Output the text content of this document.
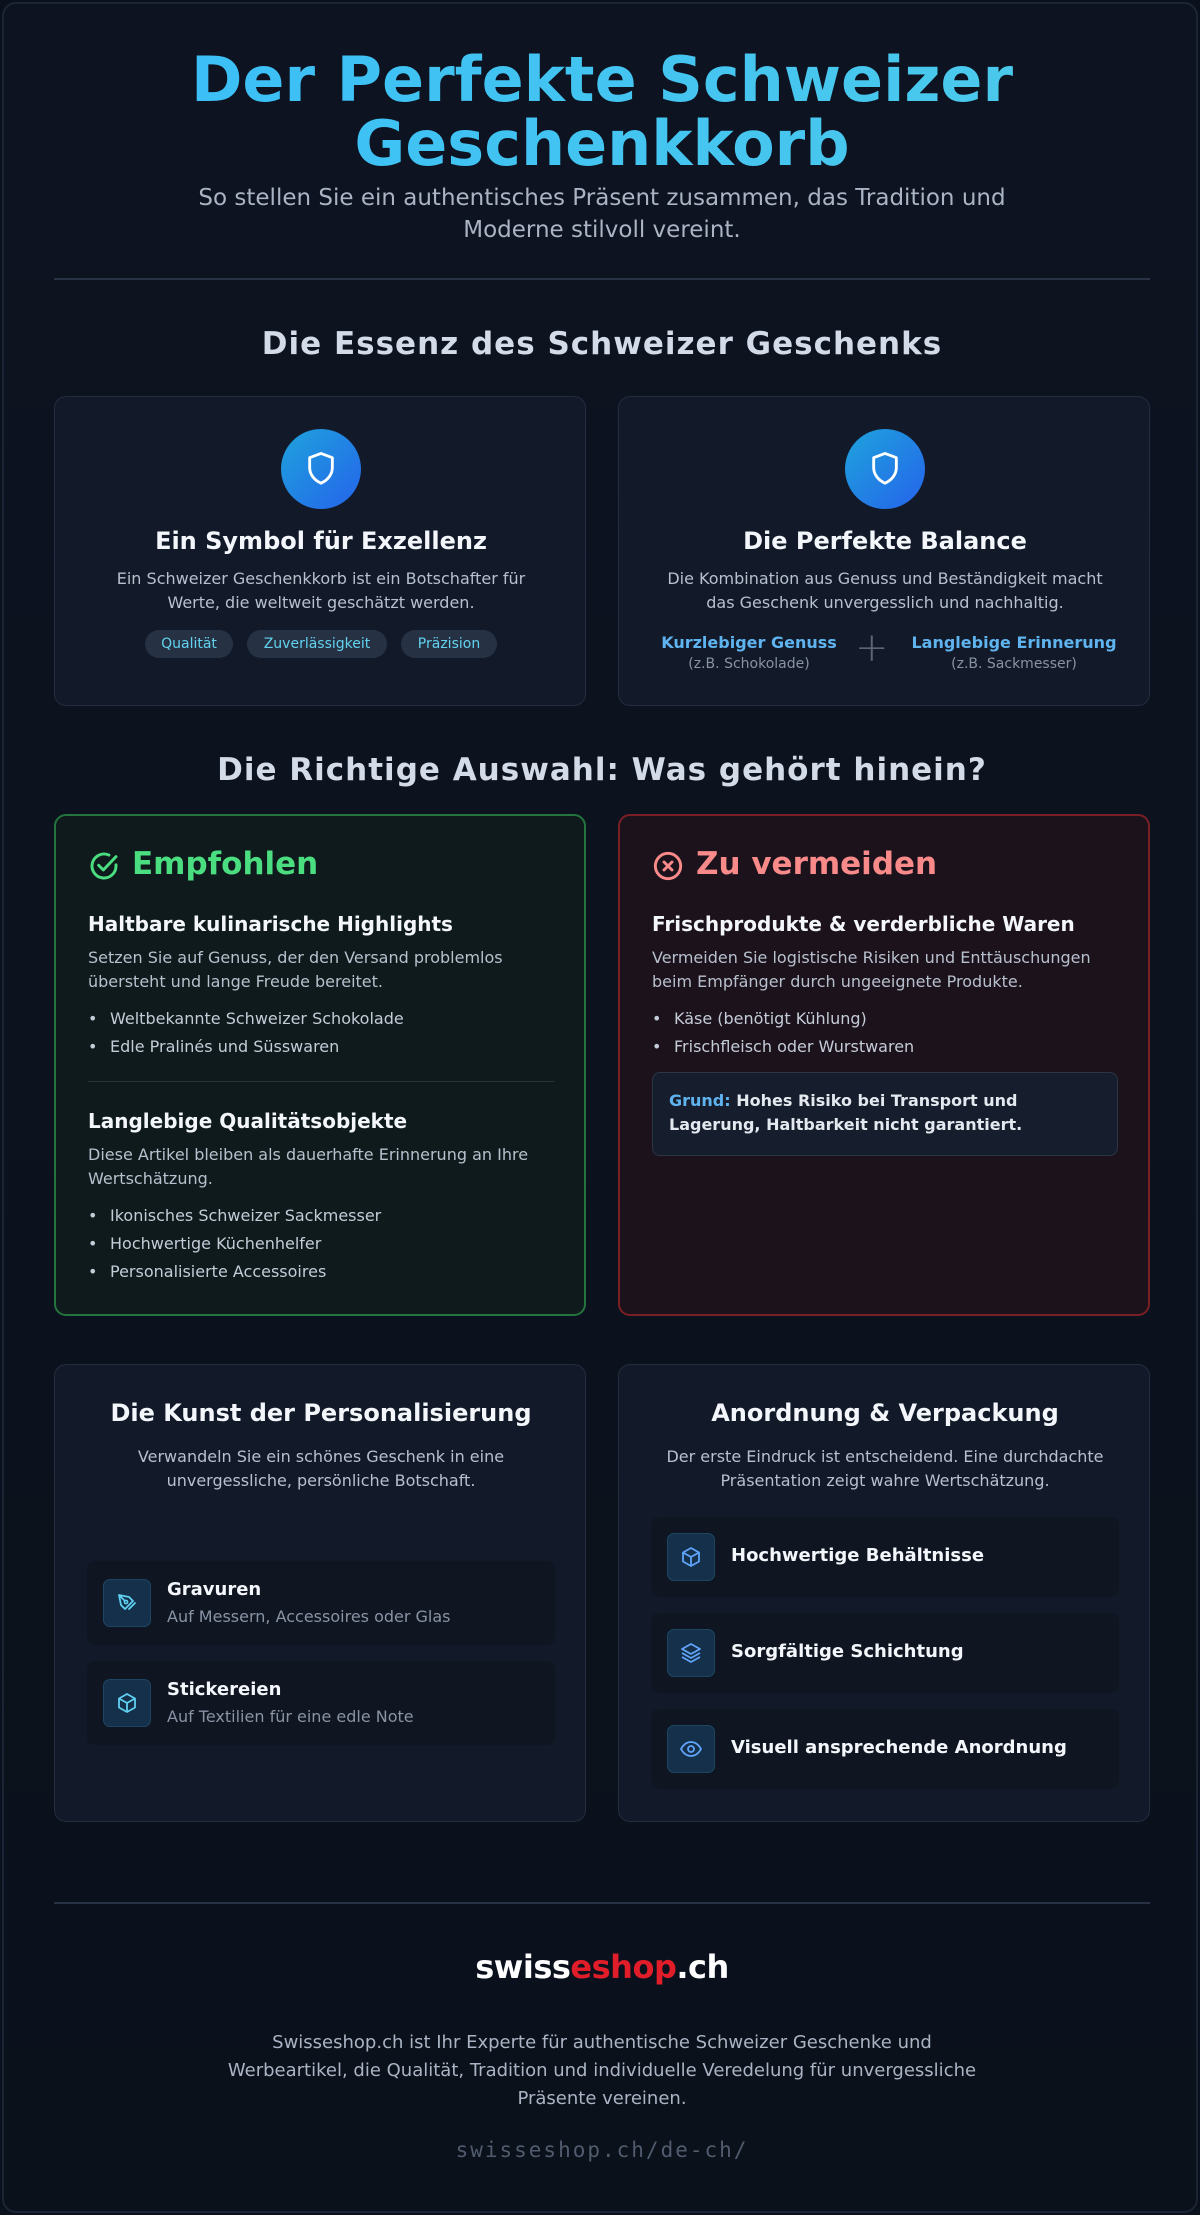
Der Perfekte Schweizer
Geschenkkorb
So stellen Sie ein authentisches Präsent zusammen, das Tradition und
Moderne stilvoll vereint.
Die Essenz des Schweizer Geschenks
Ein Symbol für Exzellenz
Ein Schweizer Geschenkkorb ist ein Botschafter für
Werte, die weltweit geschätzt werden.
Qualität	Zuverlässigkeit	Präzision
Die Perfekte Balance
Die Kombination aus Genuss und Beständigkeit macht
das Geschenk unvergesslich und nachhaltig.
Kurzlebiger Genuss
(z.B. Schokolade)	+	Langlebige Erinnerung
(z.B. Sackmesser)
Die Richtige Auswahl: Was gehört hinein?
Empfohlen
Haltbare kulinarische Highlights
Setzen Sie auf Genuss, der den Versand problemlos
übersteht und lange Freude bereitet.
• Weltbekannte Schweizer Schokolade
• Edle Pralinés und Süsswaren
Langlebige Qualitätsobjekte
Diese Artikel bleiben als dauerhafte Erinnerung an Ihre
Wertschätzung.
• Ikonisches Schweizer Sackmesser
• Hochwertige Küchenhelfer
• Personalisierte Accessoires
Zu vermeiden
Frischprodukte & verderbliche Waren
Vermeiden Sie logistische Risiken und Enttäuschungen
beim Empfänger durch ungeeignete Produkte.
• Käse (benötigt Kühlung)
• Frischfleisch oder Wurstwaren
Grund: Hohes Risiko bei Transport und
Lagerung, Haltbarkeit nicht garantiert.
Die Kunst der Personalisierung
Verwandeln Sie ein schönes Geschenk in eine
unvergessliche, persönliche Botschaft.
Gravuren
Auf Messern, Accessoires oder Glas
Stickereien
Auf Textilien für eine edle Note
Anordnung & Verpackung
Der erste Eindruck ist entscheidend. Eine durchdachte
Präsentation zeigt wahre Wertschätzung.
Hochwertige Behältnisse
Sorgfältige Schichtung
Visuell ansprechende Anordnung
swisseshop.ch
Swisseshop.ch ist Ihr Experte für authentische Schweizer Geschenke und
Werbeartikel, die Qualität, Tradition und individuelle Veredelung für unvergessliche
Präsente vereinen.
swisseshop.ch/de-ch/
